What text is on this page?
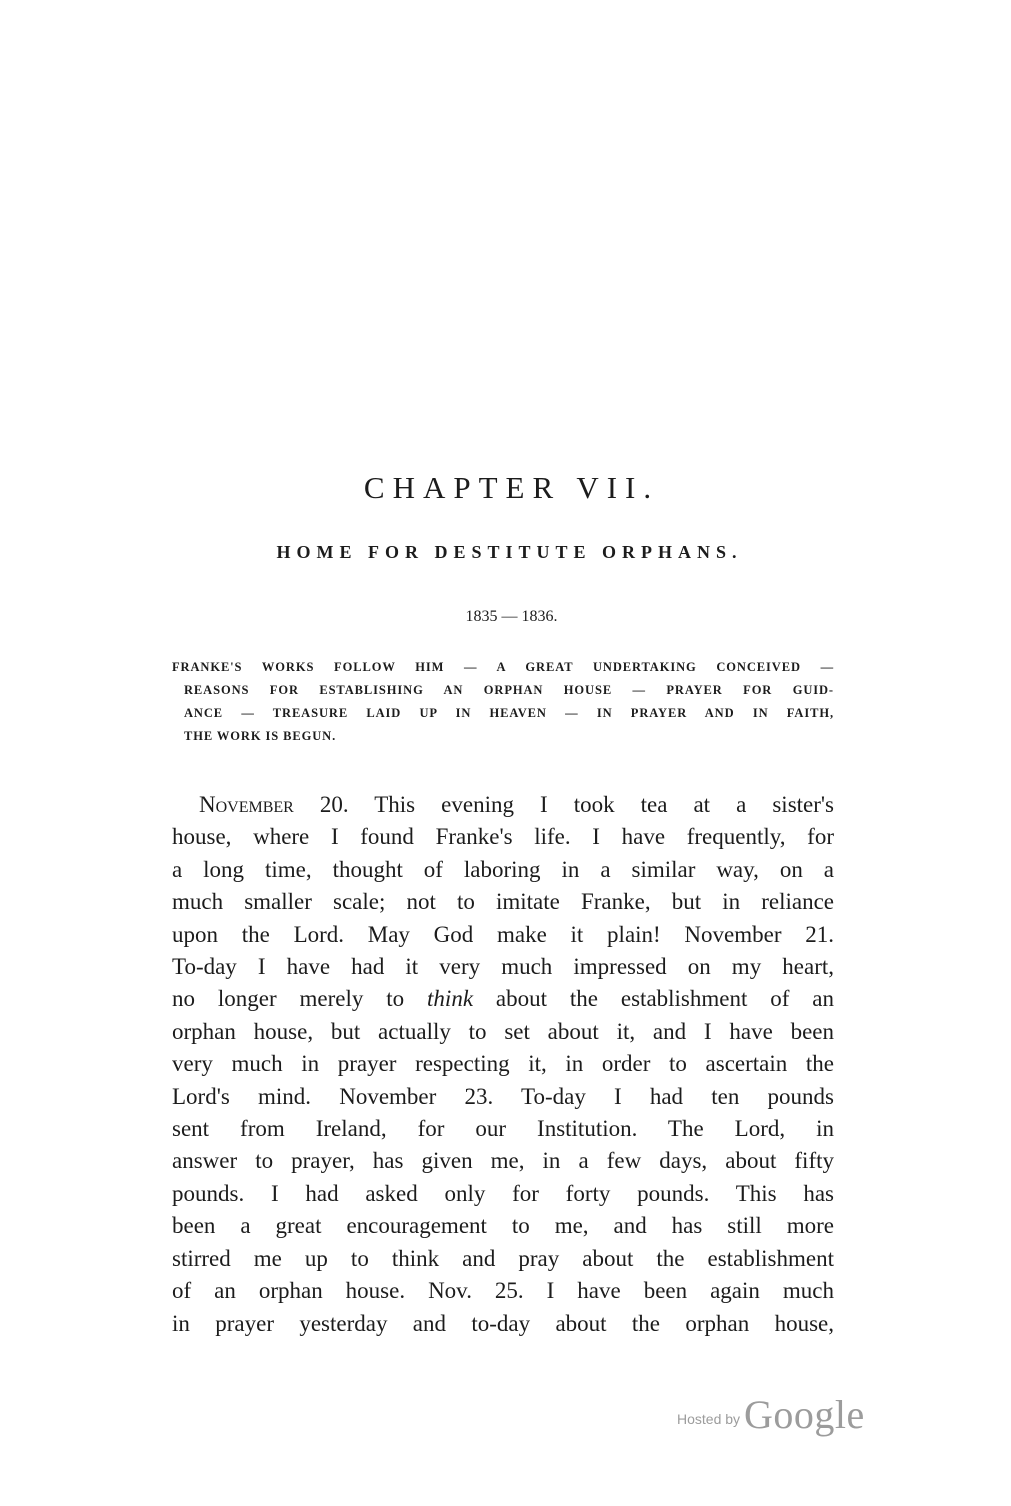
CHAPTER VII.
HOME FOR DESTITUTE ORPHANS.
1835 — 1836.
FRANKE'S WORKS FOLLOW HIM — A GREAT UNDERTAKING CONCEIVED —
REASONS FOR ESTABLISHING AN ORPHAN HOUSE — PRAYER FOR GUID-
ANCE — TREASURE LAID UP IN HEAVEN — IN PRAYER AND IN FAITH,
THE WORK IS BEGUN.
November 20. This evening I took tea at a sister's
house, where I found Franke's life. I have frequently, for
a long time, thought of laboring in a similar way, on a
much smaller scale; not to imitate Franke, but in reliance
upon the Lord. May God make it plain! November 21.
To-day I have had it very much impressed on my heart,
no longer merely to think about the establishment of an
orphan house, but actually to set about it, and I have been
very much in prayer respecting it, in order to ascertain the
Lord's mind. November 23. To-day I had ten pounds
sent from Ireland, for our Institution. The Lord, in
answer to prayer, has given me, in a few days, about fifty
pounds. I had asked only for forty pounds. This has
been a great encouragement to me, and has still more
stirred me up to think and pray about the establishment
of an orphan house. Nov. 25. I have been again much
in prayer yesterday and to-day about the orphan house,
Hosted by Google
